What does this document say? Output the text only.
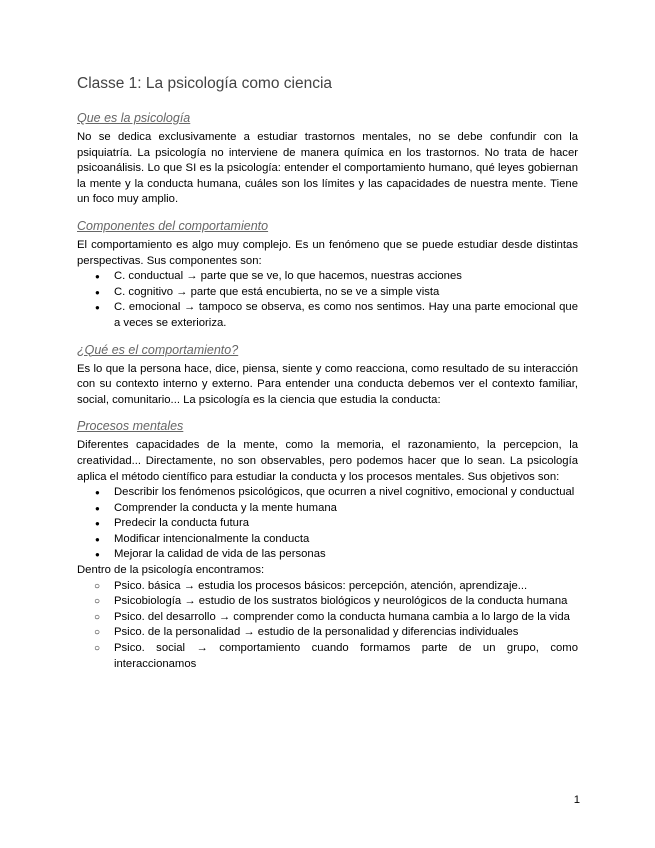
Classe 1: La psicología como ciencia
Que es la psicología

No se dedica exclusivamente a estudiar trastornos mentales, no se debe confundir con la psiquiatría. La psicología no interviene de manera química en los trastornos. No trata de hacer psicoanálisis. Lo que SI es la psicología: entender el comportamiento humano, qué leyes gobiernan la mente y la conducta humana, cuáles son los límites y las capacidades de nuestra mente. Tiene un foco muy amplio.

Componentes del comportamiento

El comportamiento es algo muy complejo. Es un fenómeno que se puede estudiar desde distintas perspectivas. Sus componentes son:

● C. conductual → parte que se ve, lo que hacemos, nuestras acciones
● C. cognitivo → parte que está encubierta, no se ve a simple vista
● C. emocional → tampoco se observa, es como nos sentimos. Hay una parte emocional que a veces se exterioriza.
¿Qué es el comportamiento?

Es lo que la persona hace, dice, piensa, siente y como reacciona, como resultado de su interacción con su contexto interno y externo. Para entender una conducta debemos ver el contexto familiar, social, comunitario... La psicología es la ciencia que estudia la conducta:

Procesos mentales

Diferentes capacidades de la mente, como la memoria, el razonamiento, la percepcion, la creatividad... Directamente, no son observables, pero podemos hacer que lo sean. La psicología aplica el método científico para estudiar la conducta y los procesos mentales. Sus objetivos son:

● Describir los fenómenos psicológicos, que ocurren a nivel cognitivo, emocional y conductual
● Comprender la conducta y la mente humana
● Predecir la conducta futura
● Modificar intencionalmente la conducta
● Mejorar la calidad de vida de las personas

Dentro de la psicología encontramos:

○ Psico. básica → estudia los procesos básicos: percepción, atención, aprendizaje...
○ Psicobiología → estudio de los sustratos biológicos y neurológicos de la conducta humana
○ Psico. del desarrollo → comprender como la conducta humana cambia a lo largo de la vida
○ Psico. de la personalidad → estudio de la personalidad y diferencias individuales
○ Psico. social → comportamiento cuando formamos parte de un grupo, como interaccionamos
1
